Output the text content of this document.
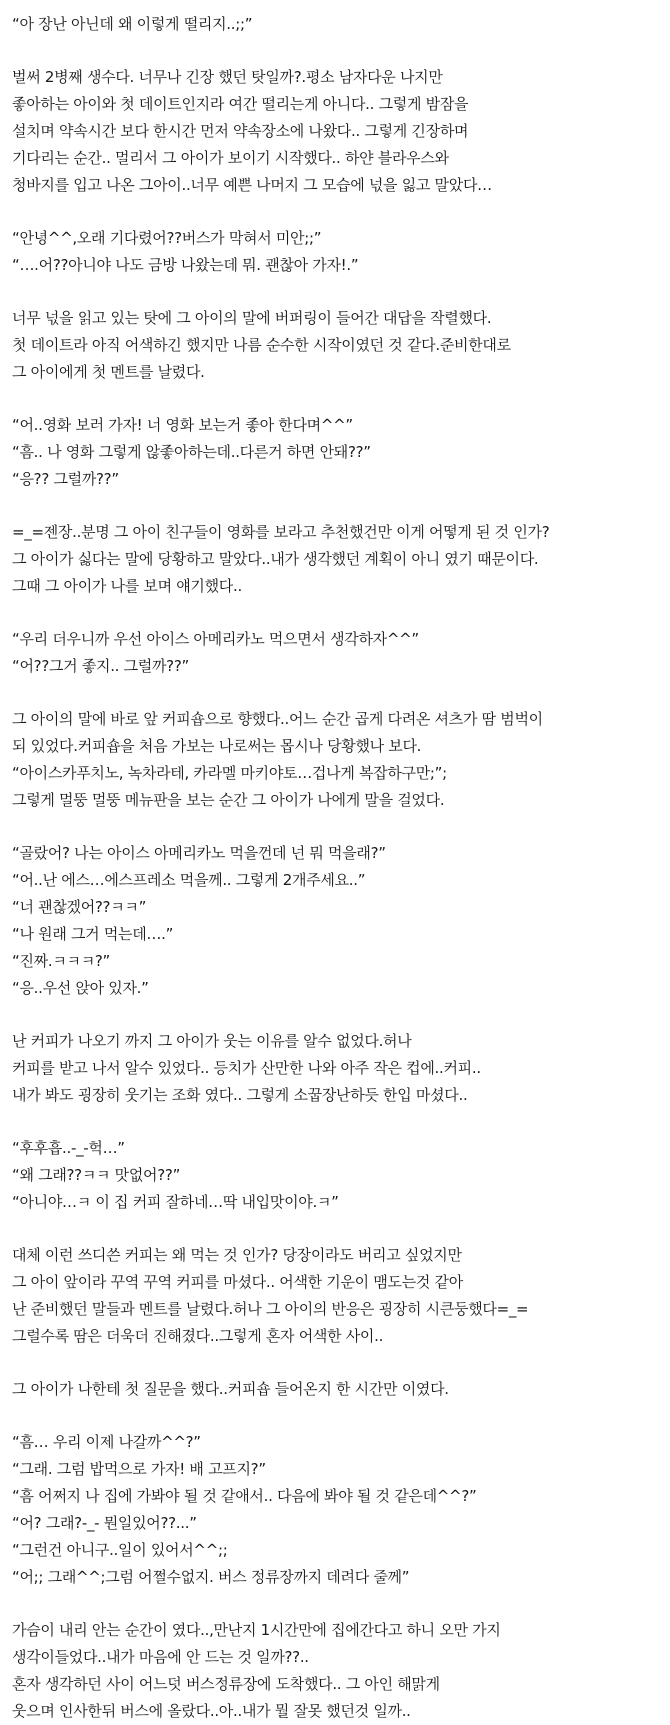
“아 장난 아닌데 왜 이렇게 떨리지..;;”
벌써 2병째 생수다. 너무나 긴장 했던 탓일까?.평소 남자다운 나지만
좋아하는 아이와 첫 데이트인지라 여간 떨리는게 아니다.. 그렇게 밤잠을
설치며 약속시간 보다 한시간 먼저 약속장소에 나왔다.. 그렇게 긴장하며
기다리는 순간.. 멀리서 그 아이가 보이기 시작했다.. 하얀 블라우스와
청바지를 입고 나온 그아이..너무 예쁜 나머지 그 모습에 넋을 잃고 말았다…
“안녕^^,오래 기다렸어??버스가 막혀서 미안;;”
“….어??아니야 나도 금방 나왔는데 뭐. 괜찮아 가자!.”
너무 넋을 읽고 있는 탓에 그 아이의 말에 버퍼링이 들어간 대답을 작렬했다.
첫 데이트라 아직 어색하긴 했지만 나름 순수한 시작이였던 것 같다.준비한대로
그 아이에게 첫 멘트를 날렸다.
“어..영화 보러 가자! 너 영화 보는거 좋아 한다며^^”
“흠.. 나 영화 그렇게 않좋아하는데..다른거 하면 안돼??”
“응?? 그럴까??”
=_=젠장..분명 그 아이 친구들이 영화를 보라고 추천했건만 이게 어떻게 된 것 인가?
그 아이가 싫다는 말에 당황하고 말았다..내가 생각했던 계획이 아니 였기 때문이다.
그때 그 아이가 나를 보며 얘기했다..
“우리 더우니까 우선 아이스 아메리카노 먹으면서 생각하자^^”
“어??그거 좋지.. 그럴까??”
그 아이의 말에 바로 앞 커피숍으로 향했다..어느 순간 곱게 다려온 셔츠가 땀 범벅이
되 있었다.커피숍을 처음 가보는 나로써는 몹시나 당황했나 보다.
“아이스카푸치노, 녹차라테, 카라멜 마키야토…겁나게 복잡하구만;”;
그렇게 멀뚱 멀뚱 메뉴판을 보는 순간 그 아이가 나에게 말을 걸었다.
“골랐어? 나는 아이스 아메리카노 먹을껀데 넌 뭐 먹을래?”
“어..난 에스…에스프레소 먹을께.. 그렇게 2개주세요..”
“너 괜찮겠어??ㅋㅋ”
“나 원래 그거 먹는데….”
“진짜.ㅋㅋㅋ?”
“응..우선 앉아 있자.”
난 커피가 나오기 까지 그 아이가 웃는 이유를 알수 없었다.허나
커피를 받고 나서 알수 있었다.. 등치가 산만한 나와 아주 작은 컵에..커피..
내가 봐도 굉장히 웃기는 조화 였다.. 그렇게 소꿉장난하듯 한입 마셨다..
“후후흡..-_-헉…”
“왜 그래??ㅋㅋ 맛없어??”
“아니야…ㅋ 이 집 커피 잘하네…딱 내입맛이야.ㅋ”
대체 이런 쓰디쓴 커피는 왜 먹는 것 인가? 당장이라도 버리고 싶었지만
그 아이 앞이라 꾸역 꾸역 커피를 마셨다.. 어색한 기운이 맴도는것 같아
난 준비했던 말들과 멘트를 날렸다.허나 그 아이의 반응은 굉장히 시큰둥했다=_=
그럴수록 땀은 더욱더 진해졌다..그렇게 혼자 어색한 사이..
그 아이가 나한테 첫 질문을 했다..커피숍 들어온지 한 시간만 이였다.
“흠… 우리 이제 나갈까^^?”
“그래. 그럼 밥먹으로 가자! 배 고프지?”
“흠 어쩌지 나 집에 가봐야 될 것 같애서.. 다음에 봐야 될 것 같은데^^?”
“어? 그래?-_- 뭔일있어??...”
“그런건 아니구..일이 있어서^^;;
“어;; 그래^^;그럼 어쩔수없지. 버스 정류장까지 데려다 줄께”
가슴이 내리 안는 순간이 였다..,만난지 1시간만에 집에간다고 하니 오만 가지
생각이들었다..내가 마음에 안 드는 것 일까??..
혼자 생각하던 사이 어느덧 버스정류장에 도착했다.. 그 아인 해맑게
웃으며 인사한뒤 버스에 올랐다..아..내가 뭘 잘못 했던것 일까..
